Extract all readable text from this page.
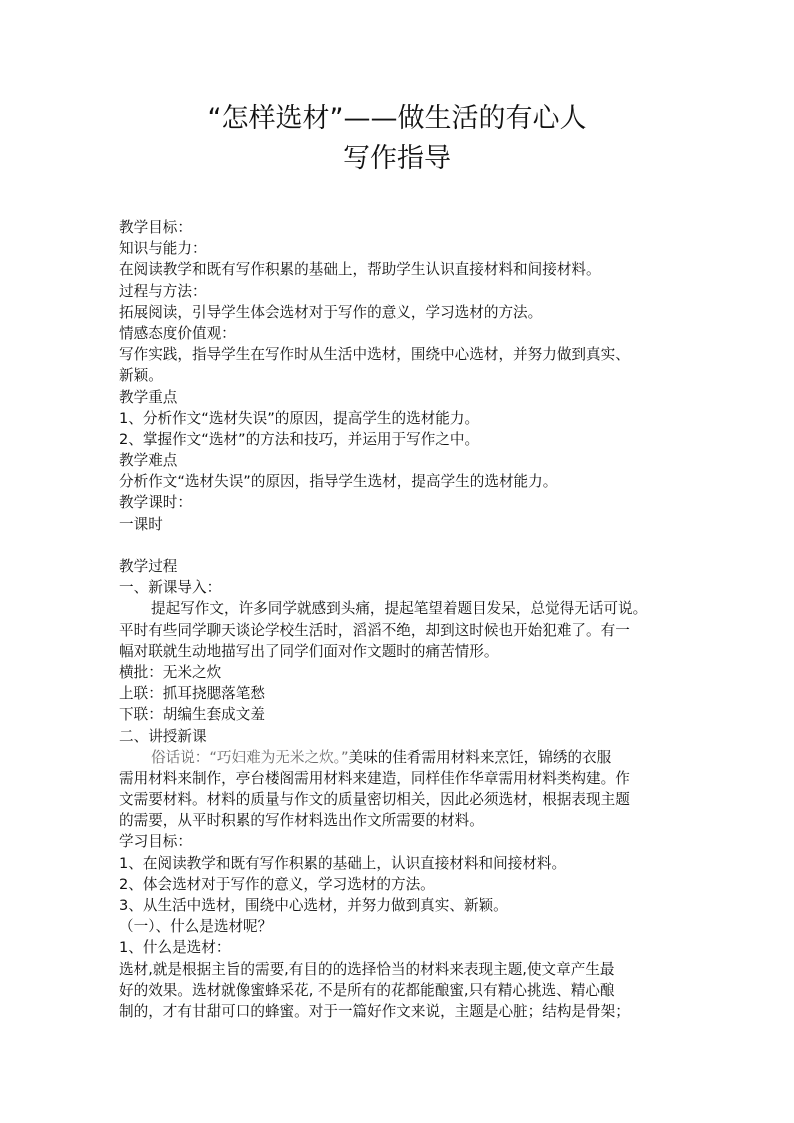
“怎样选材”——做生活的有心人
写作指导
教学目标：
知识与能力：
在阅读教学和既有写作积累的基础上，帮助学生认识直接材料和间接材料。
过程与方法：
拓展阅读，引导学生体会选材对于写作的意义，学习选材的方法。
情感态度价值观：
写作实践，指导学生在写作时从生活中选材，围绕中心选材，并努力做到真实、
新颖。
教学重点
1、分析作文“选材失误”的原因，提高学生的选材能力。
2、掌握作文“选材”的方法和技巧，并运用于写作之中。
教学难点
分析作文“选材失误”的原因，指导学生选材，提高学生的选材能力。
教学课时：
一课时
教学过程
一、新课导入：
提起写作文，许多同学就感到头痛，提起笔望着题目发呆，总觉得无话可说。
平时有些同学聊天谈论学校生活时，滔滔不绝，却到这时候也开始犯难了。有一
幅对联就生动地描写出了同学们面对作文题时的痛苦情形。
横批：无米之炊
上联：抓耳挠腮落笔愁
下联：胡编生套成文羞
二、讲授新课
俗话说：“巧妇难为无米之炊。”美味的佳肴需用材料来烹饪，锦绣的衣服
需用材料来制作，亭台楼阁需用材料来建造，同样佳作华章需用材料类构建。作
文需要材料。材料的质量与作文的质量密切相关，因此必须选材，根据表现主题
的需要，从平时积累的写作材料选出作文所需要的材料。
学习目标：
1、在阅读教学和既有写作积累的基础上，认识直接材料和间接材料。
2、体会选材对于写作的意义，学习选材的方法。
3、从生活中选材，围绕中心选材，并努力做到真实、新颖。
（一）、什么是选材呢？
1、什么是选材：
选材,就是根据主旨的需要,有目的的选择恰当的材料来表现主题,使文章产生最
好的效果。选材就像蜜蜂采花, 不是所有的花都能酿蜜,只有精心挑选、精心酿
制的，才有甘甜可口的蜂蜜。对于一篇好作文来说，主题是心脏；结构是骨架；
